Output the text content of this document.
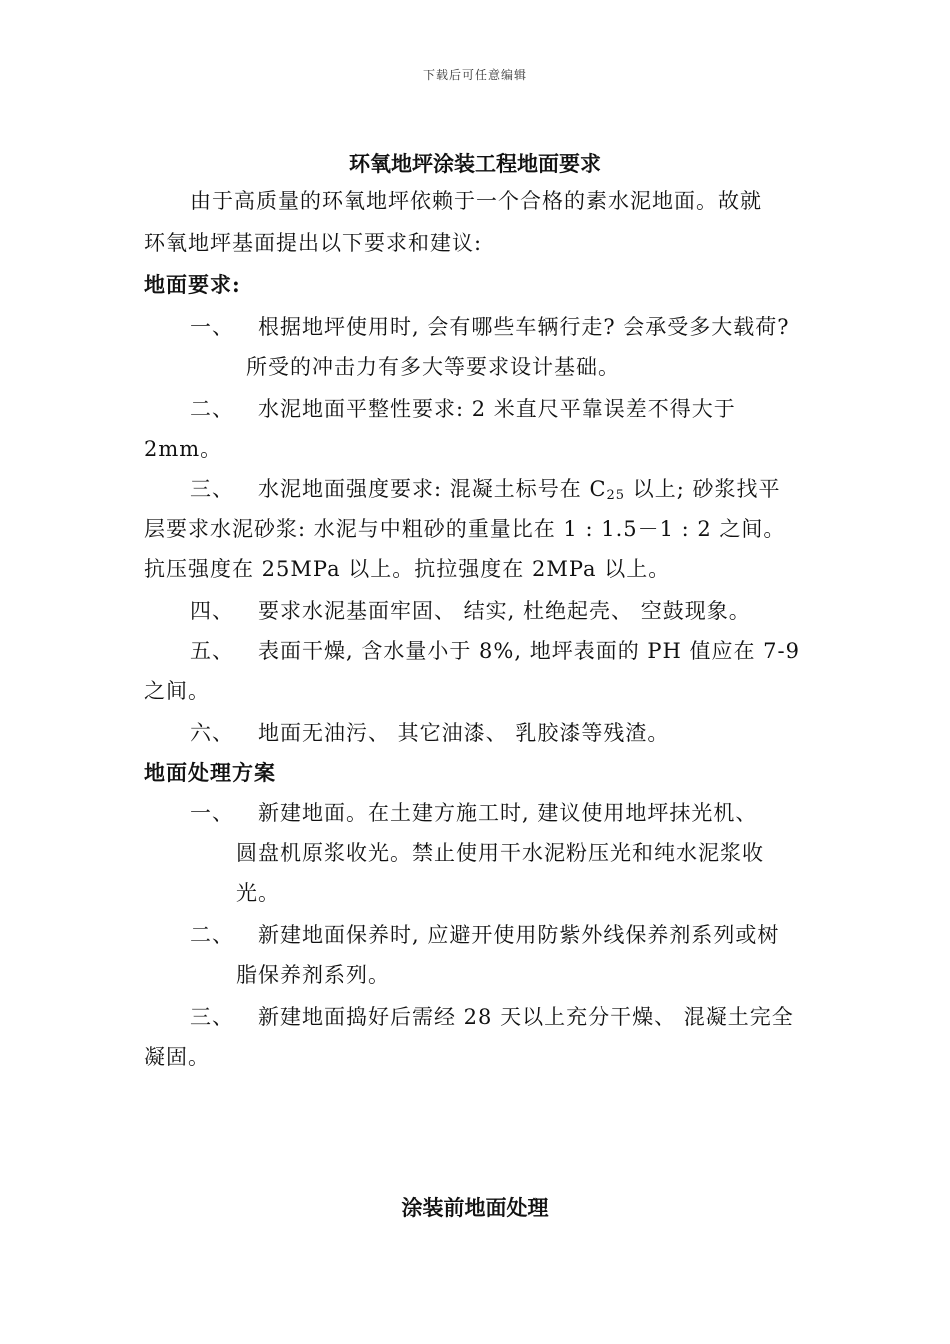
下载后可任意编辑
环氧地坪涂装工程地面要求
由于高质量的环氧地坪依赖于一个合格的素水泥地面。故就
环氧地坪基面提出以下要求和建议:
地面要求:
一、 根据地坪使用时, 会有哪些车辆行走? 会承受多大载荷?
所受的冲击力有多大等要求设计基础。
二、 水泥地面平整性要求: 2 米直尺平靠误差不得大于
2mm。
三、 水泥地面强度要求: 混凝土标号在 $C_{25}$ 以上; 砂浆找平
层要求水泥砂浆: 水泥与中粗砂的重量比在 1 : 1.5－1 : 2 之间。
抗压强度在 25MPa 以上。抗拉强度在 2MPa 以上。
四、 要求水泥基面牢固、 结实, 杜绝起壳、 空鼓现象。
五、 表面干燥, 含水量小于 8%, 地坪表面的 PH 值应在 7-9
之间。
六、 地面无油污、 其它油漆、 乳胶漆等残渣。
地面处理方案
一、 新建地面。在土建方施工时, 建议使用地坪抹光机、
圆盘机原浆收光。禁止使用干水泥粉压光和纯水泥浆收
光。
二、 新建地面保养时, 应避开使用防紫外线保养剂系列或树
脂保养剂系列。
三、 新建地面捣好后需经 28 天以上充分干燥、 混凝土完全
凝固。
涂装前地面处理
